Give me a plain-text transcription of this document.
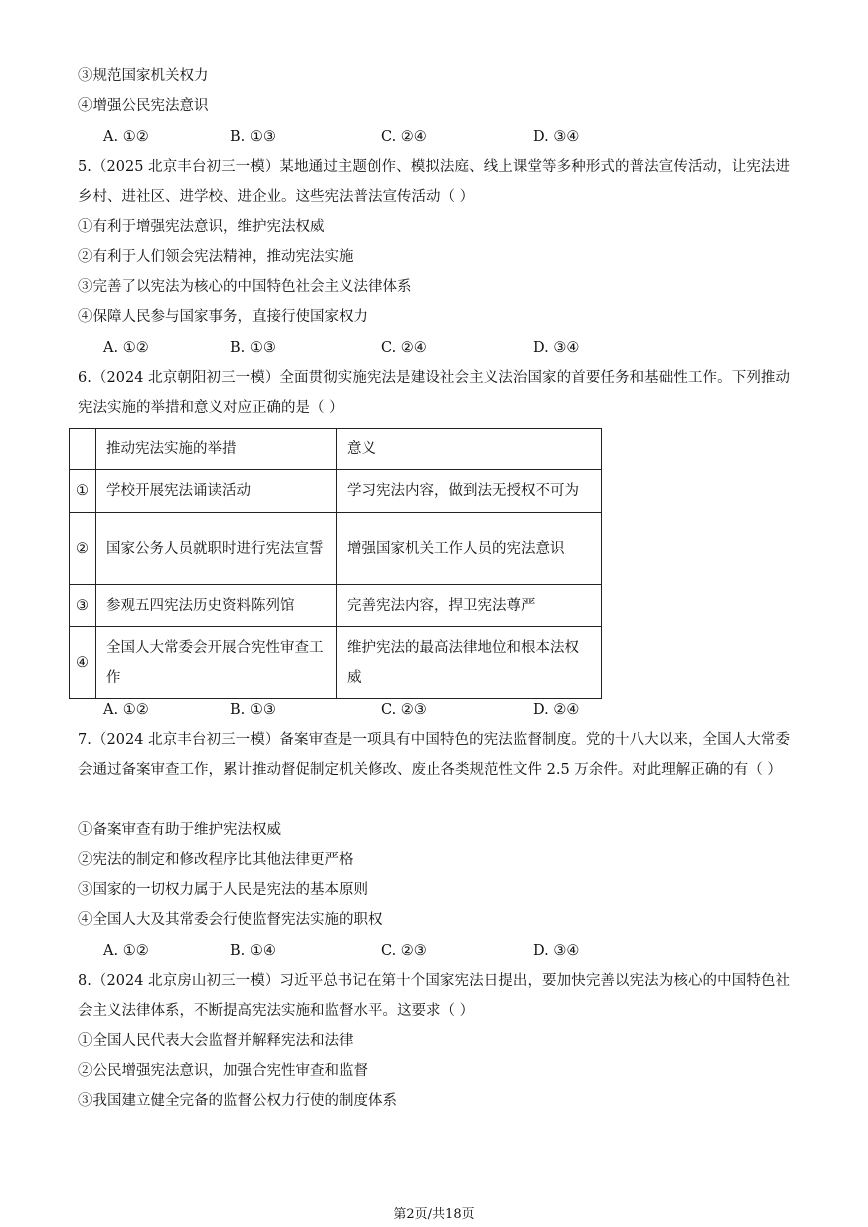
③规范国家机关权力
④增强公民宪法意识
A. ①②	B. ①③	C. ②④	D. ③④
5.（2025 北京丰台初三一模）某地通过主题创作、模拟法庭、线上课堂等多种形式的普法宣传活动，让宪法进乡村、进社区、进学校、进企业。这些宪法普法宣传活动（ ）
①有利于增强宪法意识，维护宪法权威
②有利于人们领会宪法精神，推动宪法实施
③完善了以宪法为核心的中国特色社会主义法律体系
④保障人民参与国家事务，直接行使国家权力
A. ①②	B. ①③	C. ②④	D. ③④
6.（2024 北京朝阳初三一模）全面贯彻实施宪法是建设社会主义法治国家的首要任务和基础性工作。下列推动宪法实施的举措和意义对应正确的是（ ）
	推动宪法实施的举措	意义
①	学校开展宪法诵读活动	学习宪法内容，做到法无授权不可为
②	国家公务人员就职时进行宪法宣誓	增强国家机关工作人员的宪法意识
③	参观五四宪法历史资料陈列馆	完善宪法内容，捍卫宪法尊严
④	全国人大常委会开展合宪性审查工作	维护宪法的最高法律地位和根本法权威
A. ①②	B. ①③	C. ②③	D. ②④
7.（2024 北京丰台初三一模）备案审查是一项具有中国特色的宪法监督制度。党的十八大以来，全国人大常委会通过备案审查工作，累计推动督促制定机关修改、废止各类规范性文件 2.5 万余件。对此理解正确的有（ ）
①备案审查有助于维护宪法权威
②宪法的制定和修改程序比其他法律更严格
③国家的一切权力属于人民是宪法的基本原则
④全国人大及其常委会行使监督宪法实施的职权
A. ①②	B. ①④	C. ②③	D. ③④
8.（2024 北京房山初三一模）习近平总书记在第十个国家宪法日提出，要加快完善以宪法为核心的中国特色社会主义法律体系，不断提高宪法实施和监督水平。这要求（ ）
①全国人民代表大会监督并解释宪法和法律
②公民增强宪法意识，加强合宪性审查和监督
③我国建立健全完备的监督公权力行使的制度体系
第2页/共18页
